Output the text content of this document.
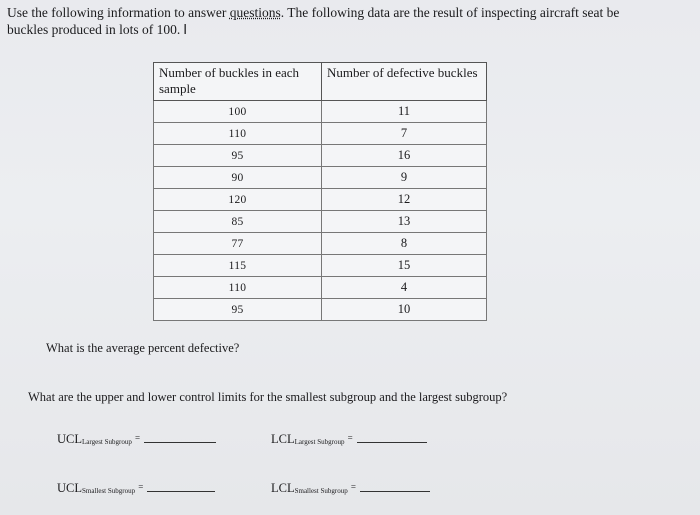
Use the following information to answer questions. The following data are the result of inspecting aircraft seat be
buckles produced in lots of 100. I
Number of buckles in each sample	Number of defective buckles
100	11
110	7
95	16
90	9
120	12
85	13
77	8
115	15
110	4
95	10
What is the average percent defective?
What are the upper and lower control limits for the smallest subgroup and the largest subgroup?
$UCL_{Largest Subgroup}$ =	$LCL_{Largest Subgroup}$ =
$UCL_{Smallest Subgroup}$ =	$LCL_{Smallest Subgroup}$ =
